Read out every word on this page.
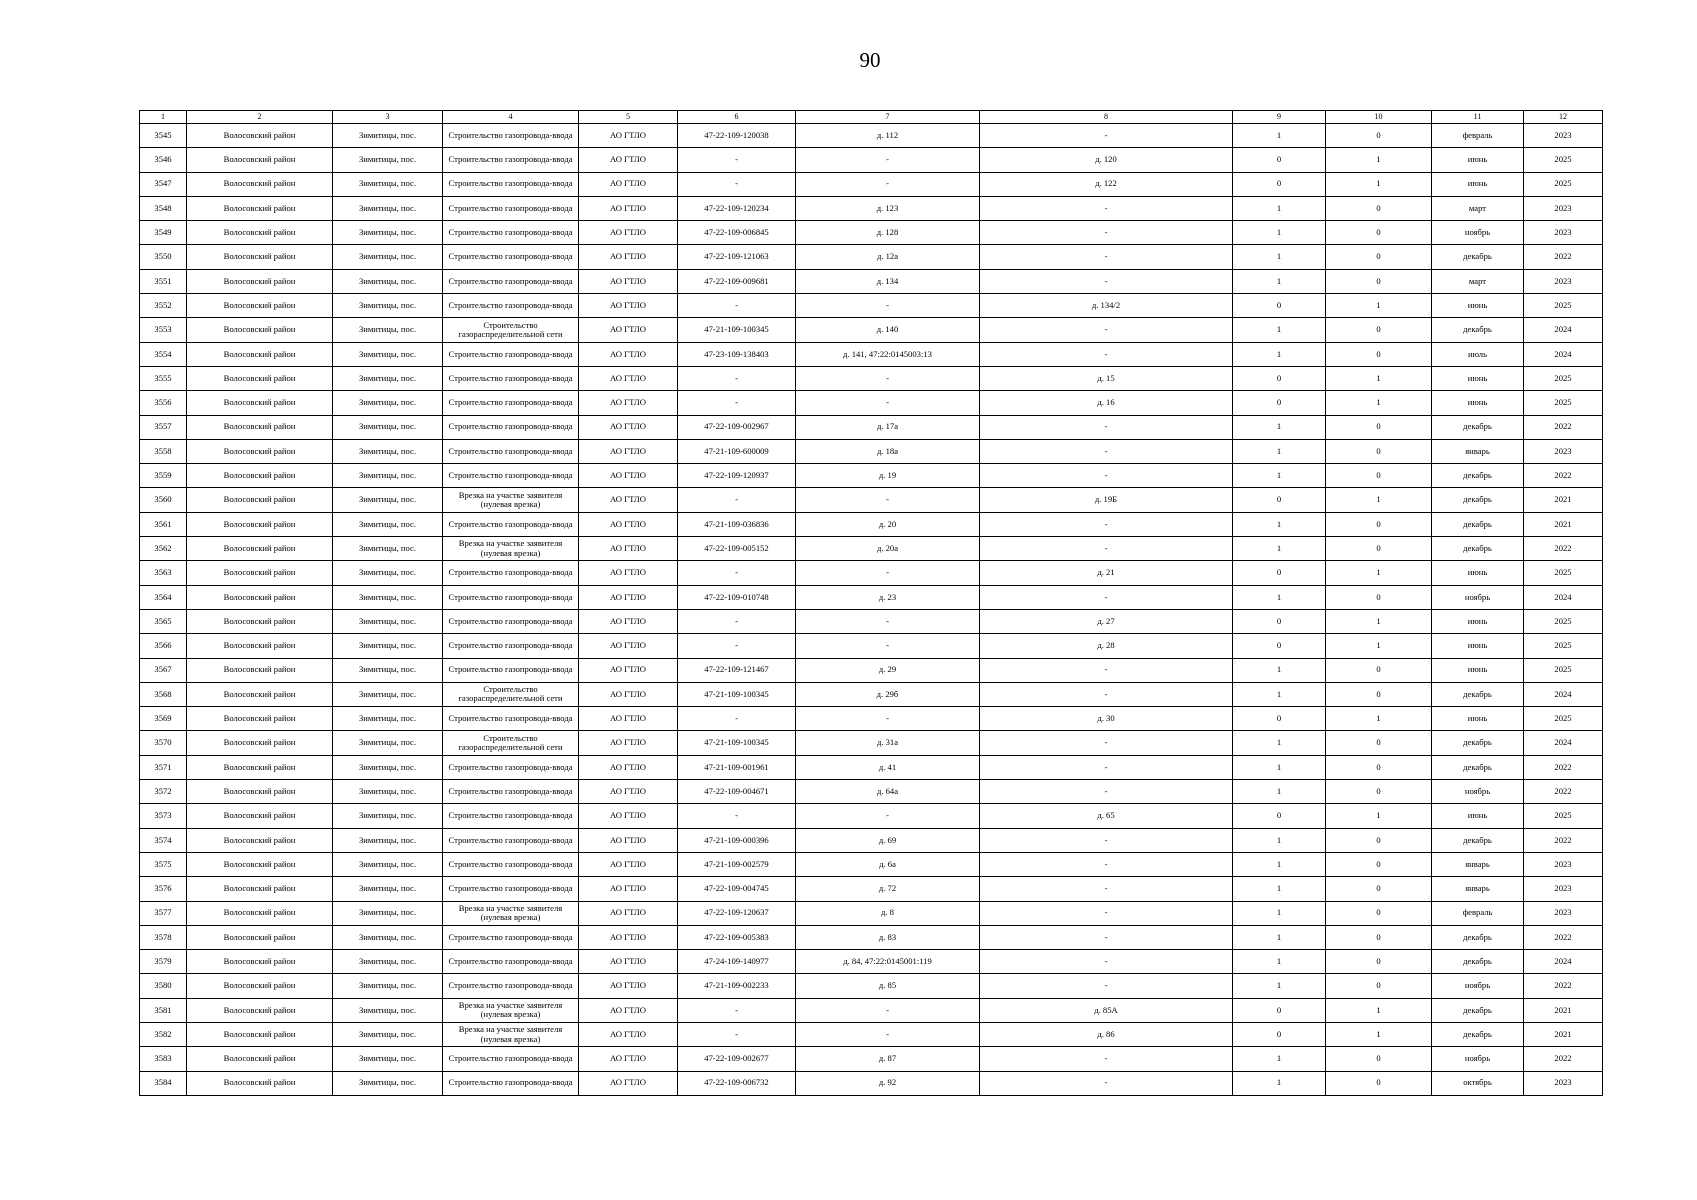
90
1	2	3	4	5	6	7	8	9	10	11	12
3545	Волосовский район	Зимитицы, пос.	Строительство газопровода-ввода	АО ГТЛО	47-22-109-120038	д. 112	-	1	0	февраль	2023
3546	Волосовский район	Зимитицы, пос.	Строительство газопровода-ввода	АО ГТЛО	-	-	д. 120	0	1	июнь	2025
3547	Волосовский район	Зимитицы, пос.	Строительство газопровода-ввода	АО ГТЛО	-	-	д. 122	0	1	июнь	2025
3548	Волосовский район	Зимитицы, пос.	Строительство газопровода-ввода	АО ГТЛО	47-22-109-120234	д. 123	-	1	0	март	2023
3549	Волосовский район	Зимитицы, пос.	Строительство газопровода-ввода	АО ГТЛО	47-22-109-006845	д. 128	-	1	0	ноябрь	2023
3550	Волосовский район	Зимитицы, пос.	Строительство газопровода-ввода	АО ГТЛО	47-22-109-121063	д. 12а	-	1	0	декабрь	2022
3551	Волосовский район	Зимитицы, пос.	Строительство газопровода-ввода	АО ГТЛО	47-22-109-009681	д. 134	-	1	0	март	2023
3552	Волосовский район	Зимитицы, пос.	Строительство газопровода-ввода	АО ГТЛО	-	-	д. 134/2	0	1	июнь	2025
3553	Волосовский район	Зимитицы, пос.	Строительство газораспределительной сети	АО ГТЛО	47-21-109-100345	д. 140	-	1	0	декабрь	2024
3554	Волосовский район	Зимитицы, пос.	Строительство газопровода-ввода	АО ГТЛО	47-23-109-138403	д. 141, 47:22:0145003:13	-	1	0	июль	2024
3555	Волосовский район	Зимитицы, пос.	Строительство газопровода-ввода	АО ГТЛО	-	-	д. 15	0	1	июнь	2025
3556	Волосовский район	Зимитицы, пос.	Строительство газопровода-ввода	АО ГТЛО	-	-	д. 16	0	1	июнь	2025
3557	Волосовский район	Зимитицы, пос.	Строительство газопровода-ввода	АО ГТЛО	47-22-109-002967	д. 17а	-	1	0	декабрь	2022
3558	Волосовский район	Зимитицы, пос.	Строительство газопровода-ввода	АО ГТЛО	47-21-109-600009	д. 18а	-	1	0	январь	2023
3559	Волосовский район	Зимитицы, пос.	Строительство газопровода-ввода	АО ГТЛО	47-22-109-120937	д. 19	-	1	0	декабрь	2022
3560	Волосовский район	Зимитицы, пос.	Врезка на участке заявителя (нулевая врезка)	АО ГТЛО	-	-	д. 19Б	0	1	декабрь	2021
3561	Волосовский район	Зимитицы, пос.	Строительство газопровода-ввода	АО ГТЛО	47-21-109-036836	д. 20	-	1	0	декабрь	2021
3562	Волосовский район	Зимитицы, пос.	Врезка на участке заявителя (нулевая врезка)	АО ГТЛО	47-22-109-005152	д. 20а	-	1	0	декабрь	2022
3563	Волосовский район	Зимитицы, пос.	Строительство газопровода-ввода	АО ГТЛО	-	-	д. 21	0	1	июнь	2025
3564	Волосовский район	Зимитицы, пос.	Строительство газопровода-ввода	АО ГТЛО	47-22-109-010748	д. 23	-	1	0	ноябрь	2024
3565	Волосовский район	Зимитицы, пос.	Строительство газопровода-ввода	АО ГТЛО	-	-	д. 27	0	1	июнь	2025
3566	Волосовский район	Зимитицы, пос.	Строительство газопровода-ввода	АО ГТЛО	-	-	д. 28	0	1	июнь	2025
3567	Волосовский район	Зимитицы, пос.	Строительство газопровода-ввода	АО ГТЛО	47-22-109-121467	д. 29	-	1	0	июнь	2025
3568	Волосовский район	Зимитицы, пос.	Строительство газораспределительной сети	АО ГТЛО	47-21-109-100345	д. 29б	-	1	0	декабрь	2024
3569	Волосовский район	Зимитицы, пос.	Строительство газопровода-ввода	АО ГТЛО	-	-	д. 30	0	1	июнь	2025
3570	Волосовский район	Зимитицы, пос.	Строительство газораспределительной сети	АО ГТЛО	47-21-109-100345	д. 31а	-	1	0	декабрь	2024
3571	Волосовский район	Зимитицы, пос.	Строительство газопровода-ввода	АО ГТЛО	47-21-109-001961	д. 41	-	1	0	декабрь	2022
3572	Волосовский район	Зимитицы, пос.	Строительство газопровода-ввода	АО ГТЛО	47-22-109-004671	д. 64а	-	1	0	ноябрь	2022
3573	Волосовский район	Зимитицы, пос.	Строительство газопровода-ввода	АО ГТЛО	-	-	д. 65	0	1	июнь	2025
3574	Волосовский район	Зимитицы, пос.	Строительство газопровода-ввода	АО ГТЛО	47-21-109-000396	д. 69	-	1	0	декабрь	2022
3575	Волосовский район	Зимитицы, пос.	Строительство газопровода-ввода	АО ГТЛО	47-21-109-002579	д. 6а	-	1	0	январь	2023
3576	Волосовский район	Зимитицы, пос.	Строительство газопровода-ввода	АО ГТЛО	47-22-109-004745	д. 72	-	1	0	январь	2023
3577	Волосовский район	Зимитицы, пос.	Врезка на участке заявителя (нулевая врезка)	АО ГТЛО	47-22-109-120637	д. 8	-	1	0	февраль	2023
3578	Волосовский район	Зимитицы, пос.	Строительство газопровода-ввода	АО ГТЛО	47-22-109-005383	д. 83	-	1	0	декабрь	2022
3579	Волосовский район	Зимитицы, пос.	Строительство газопровода-ввода	АО ГТЛО	47-24-109-140977	д. 84, 47:22:0145001:119	-	1	0	декабрь	2024
3580	Волосовский район	Зимитицы, пос.	Строительство газопровода-ввода	АО ГТЛО	47-21-109-002233	д. 85	-	1	0	ноябрь	2022
3581	Волосовский район	Зимитицы, пос.	Врезка на участке заявителя (нулевая врезка)	АО ГТЛО	-	-	д. 85А	0	1	декабрь	2021
3582	Волосовский район	Зимитицы, пос.	Врезка на участке заявителя (нулевая врезка)	АО ГТЛО	-	-	д. 86	0	1	декабрь	2021
3583	Волосовский район	Зимитицы, пос.	Строительство газопровода-ввода	АО ГТЛО	47-22-109-002677	д. 87	-	1	0	ноябрь	2022
3584	Волосовский район	Зимитицы, пос.	Строительство газопровода-ввода	АО ГТЛО	47-22-109-006732	д. 92	-	1	0	октябрь	2023
